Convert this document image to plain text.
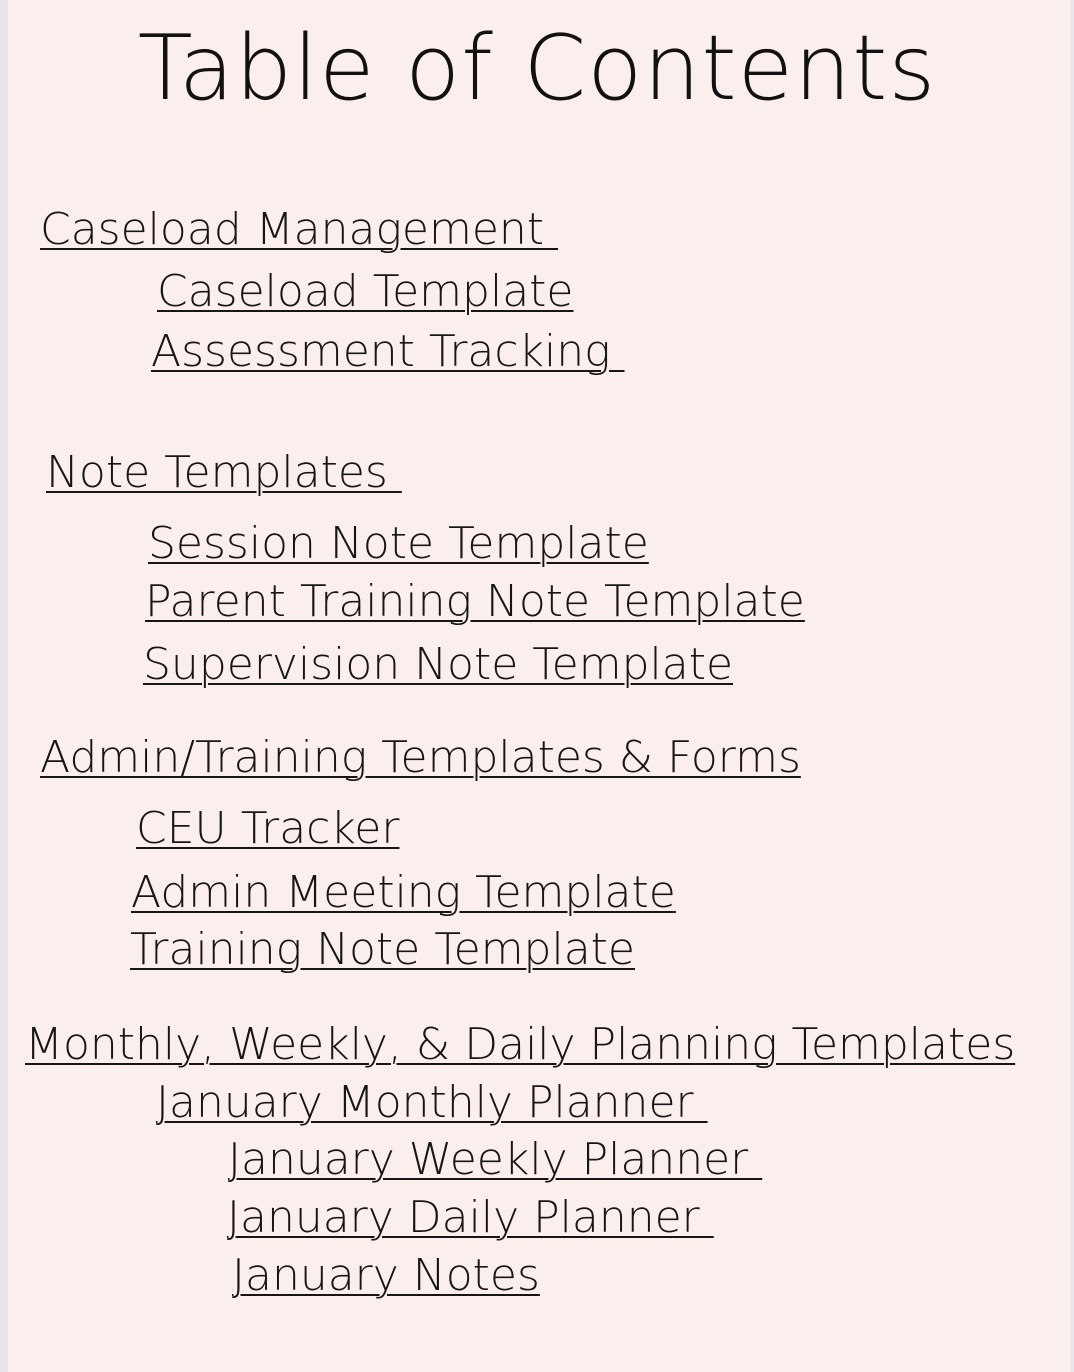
Table of Contents
Caseload Management
Caseload Template
Assessment Tracking
Note Templates
Session Note Template
Parent Training Note Template
Supervision Note Template
Admin/Training Templates & Forms
CEU Tracker
Admin Meeting Template
Training Note Template
Monthly, Weekly, & Daily Planning Templates
January Monthly Planner
January Weekly Planner
January Daily Planner
January Notes
